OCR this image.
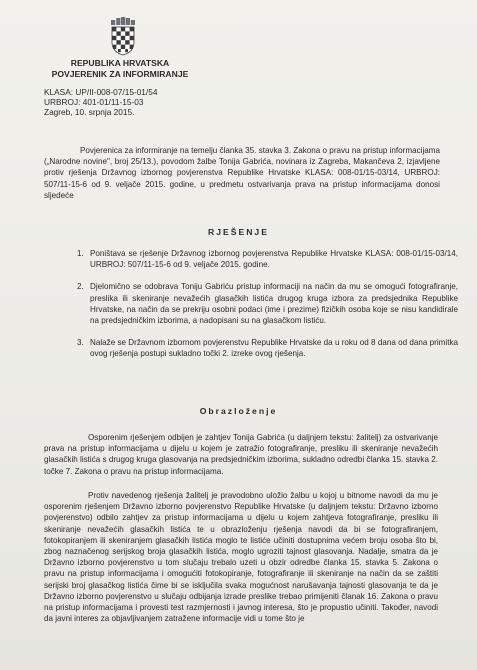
REPUBLIKA HRVATSKA
POVJERENIK ZA INFORMIRANJE
KLASA: UP/II-008-07/15-01/54
URBROJ: 401-01/11-15-03
Zagreb, 10. srpnja 2015.

Povjerenica za informiranje na temelju članka 35. stavka 3. Zakona o pravu na pristup informacijama („Narodne novine", broj 25/13.), povodom žalbe Tonija Gabrića, novinara iz Zagreba, Makančeva 2, izjavljene protiv rješenja Državnog izbornog povjerenstva Republike Hrvatske KLASA: 008-01/15-03/14, URBROJ: 507/11-15-6 od 9. veljače 2015. godine, u predmetu ostvarivanja prava na pristup informacijama donosi sljedeće

RJEŠENJE
1. Poništava se rješenje Državnog izbornog povjerenstva Republike Hrvatske KLASA: 008-01/15-03/14, URBROJ: 507/11-15-6 od 9. veljače 2015. godine.
2. Djelomično se odobrava Toniju Gabriću pristup informaciji na način da mu se omogući fotografiranje, preslika ili skeniranje nevažećih glasačkih listića drugog kruga izbora za predsjednika Republike Hrvatske, na način da se prekriju osobni podaci (ime i prezime) fizičkih osoba koje se nisu kandidirale na predsjedničkim izborima, a nadopisani su na glasačkom listiću.
3. Nalaže se Državnom izbornom povjerenstvu Republike Hrvatske da u roku od 8 dana od dana primitka ovog rješenja postupi sukladno točki 2. izreke ovog rješenja.
Obrazloženje

Osporenim rješenjem odbijen je zahtjev Tonija Gabrića (u daljnjem tekstu: žalitelj) za ostvarivanje prava na pristup informacijama u dijelu u kojem je zatražio fotografiranje, presliku ili skeniranje nevažećih glasačkih listića s drugog kruga glasovanja na predsjedničkim izborima, sukladno odredbi članka 15. stavka 2. točke 7. Zakona o pravu na pristup informacijama.

Protiv navedenog rješenja žalitelj je pravodobno uložio žalbu u kojoj u bitnome navodi da mu je osporenim rješenjem Državno izborno povjerenstvo Republike Hrvatske (u daljnjem tekstu: Državno izborno povjerenstvo) odbilo zahtjev za pristup informacijama u dijelu u kojem zahtjeva fotografiranje, presliku ili skeniranje nevažećih glasačkih listića te u obrazloženju rješenja navodi da bi se fotografiranjem, fotokopiranjem ili skeniranjem glasačkih listića moglo te listiće učiniti dostupnima većem broju osoba što bi, zbog naznačenog serijskog broja glasačkih listića, moglo ugroziti tajnost glasovanja. Nadalje, smatra da je Državno izborno povjerenstvo u tom slučaju trebalo uzeti u obzir odredbe članka 15. stavka 5. Zakona o pravu na pristup informacijama i omogućiti fotokopiranje, fotografiranje ili skeniranje na način da se zaštiti serijski broj glasačkog listića čime bi se isključila svaka mogućnost narušavanja tajnosti glasovanja te da je Državno izborno povjerenstvo u slučaju odbijanja izrade preslike trebao primijeniti članak 16. Zakona o pravu na pristup informacijama i provesti test razmjernosti i javnog interesa, što je propustio učiniti. Također, navodi da javni interes za objavljivanjem zatražene informacije vidi u tome što je
